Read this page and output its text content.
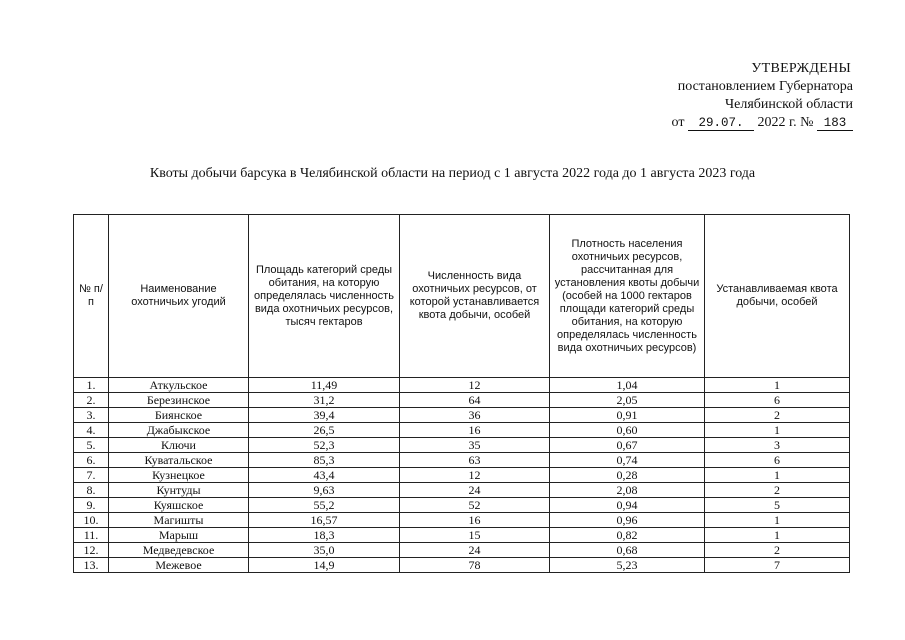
УТВЕРЖДЕНЫ
постановлением Губернатора
Челябинской области
от 29.07. 2022 г. № 183
Квоты добычи барсука в Челябинской области на период с 1 августа 2022 года до 1 августа 2023 года
№ п/п	Наименование охотничьих угодий	Площадь категорий среды обитания, на которую определялась численность вида охотничьих ресурсов, тысяч гектаров	Численность вида охотничьих ресурсов, от которой устанавливается квота добычи, особей	Плотность населения охотничьих ресурсов, рассчитанная для установления квоты добычи (особей на 1000 гектаров площади категорий среды обитания, на которую определялась численность вида охотничьих ресурсов)	Устанавливаемая квота добычи, особей
1.	Аткульское	11,49	12	1,04	1
2.	Березинское	31,2	64	2,05	6
3.	Биянское	39,4	36	0,91	2
4.	Джабыкское	26,5	16	0,60	1
5.	Ключи	52,3	35	0,67	3
6.	Куватальское	85,3	63	0,74	6
7.	Кузнецкое	43,4	12	0,28	1
8.	Кунтуды	9,63	24	2,08	2
9.	Куяшское	55,2	52	0,94	5
10.	Магишты	16,57	16	0,96	1
11.	Марыш	18,3	15	0,82	1
12.	Медведевское	35,0	24	0,68	2
13.	Межевое	14,9	78	5,23	7
